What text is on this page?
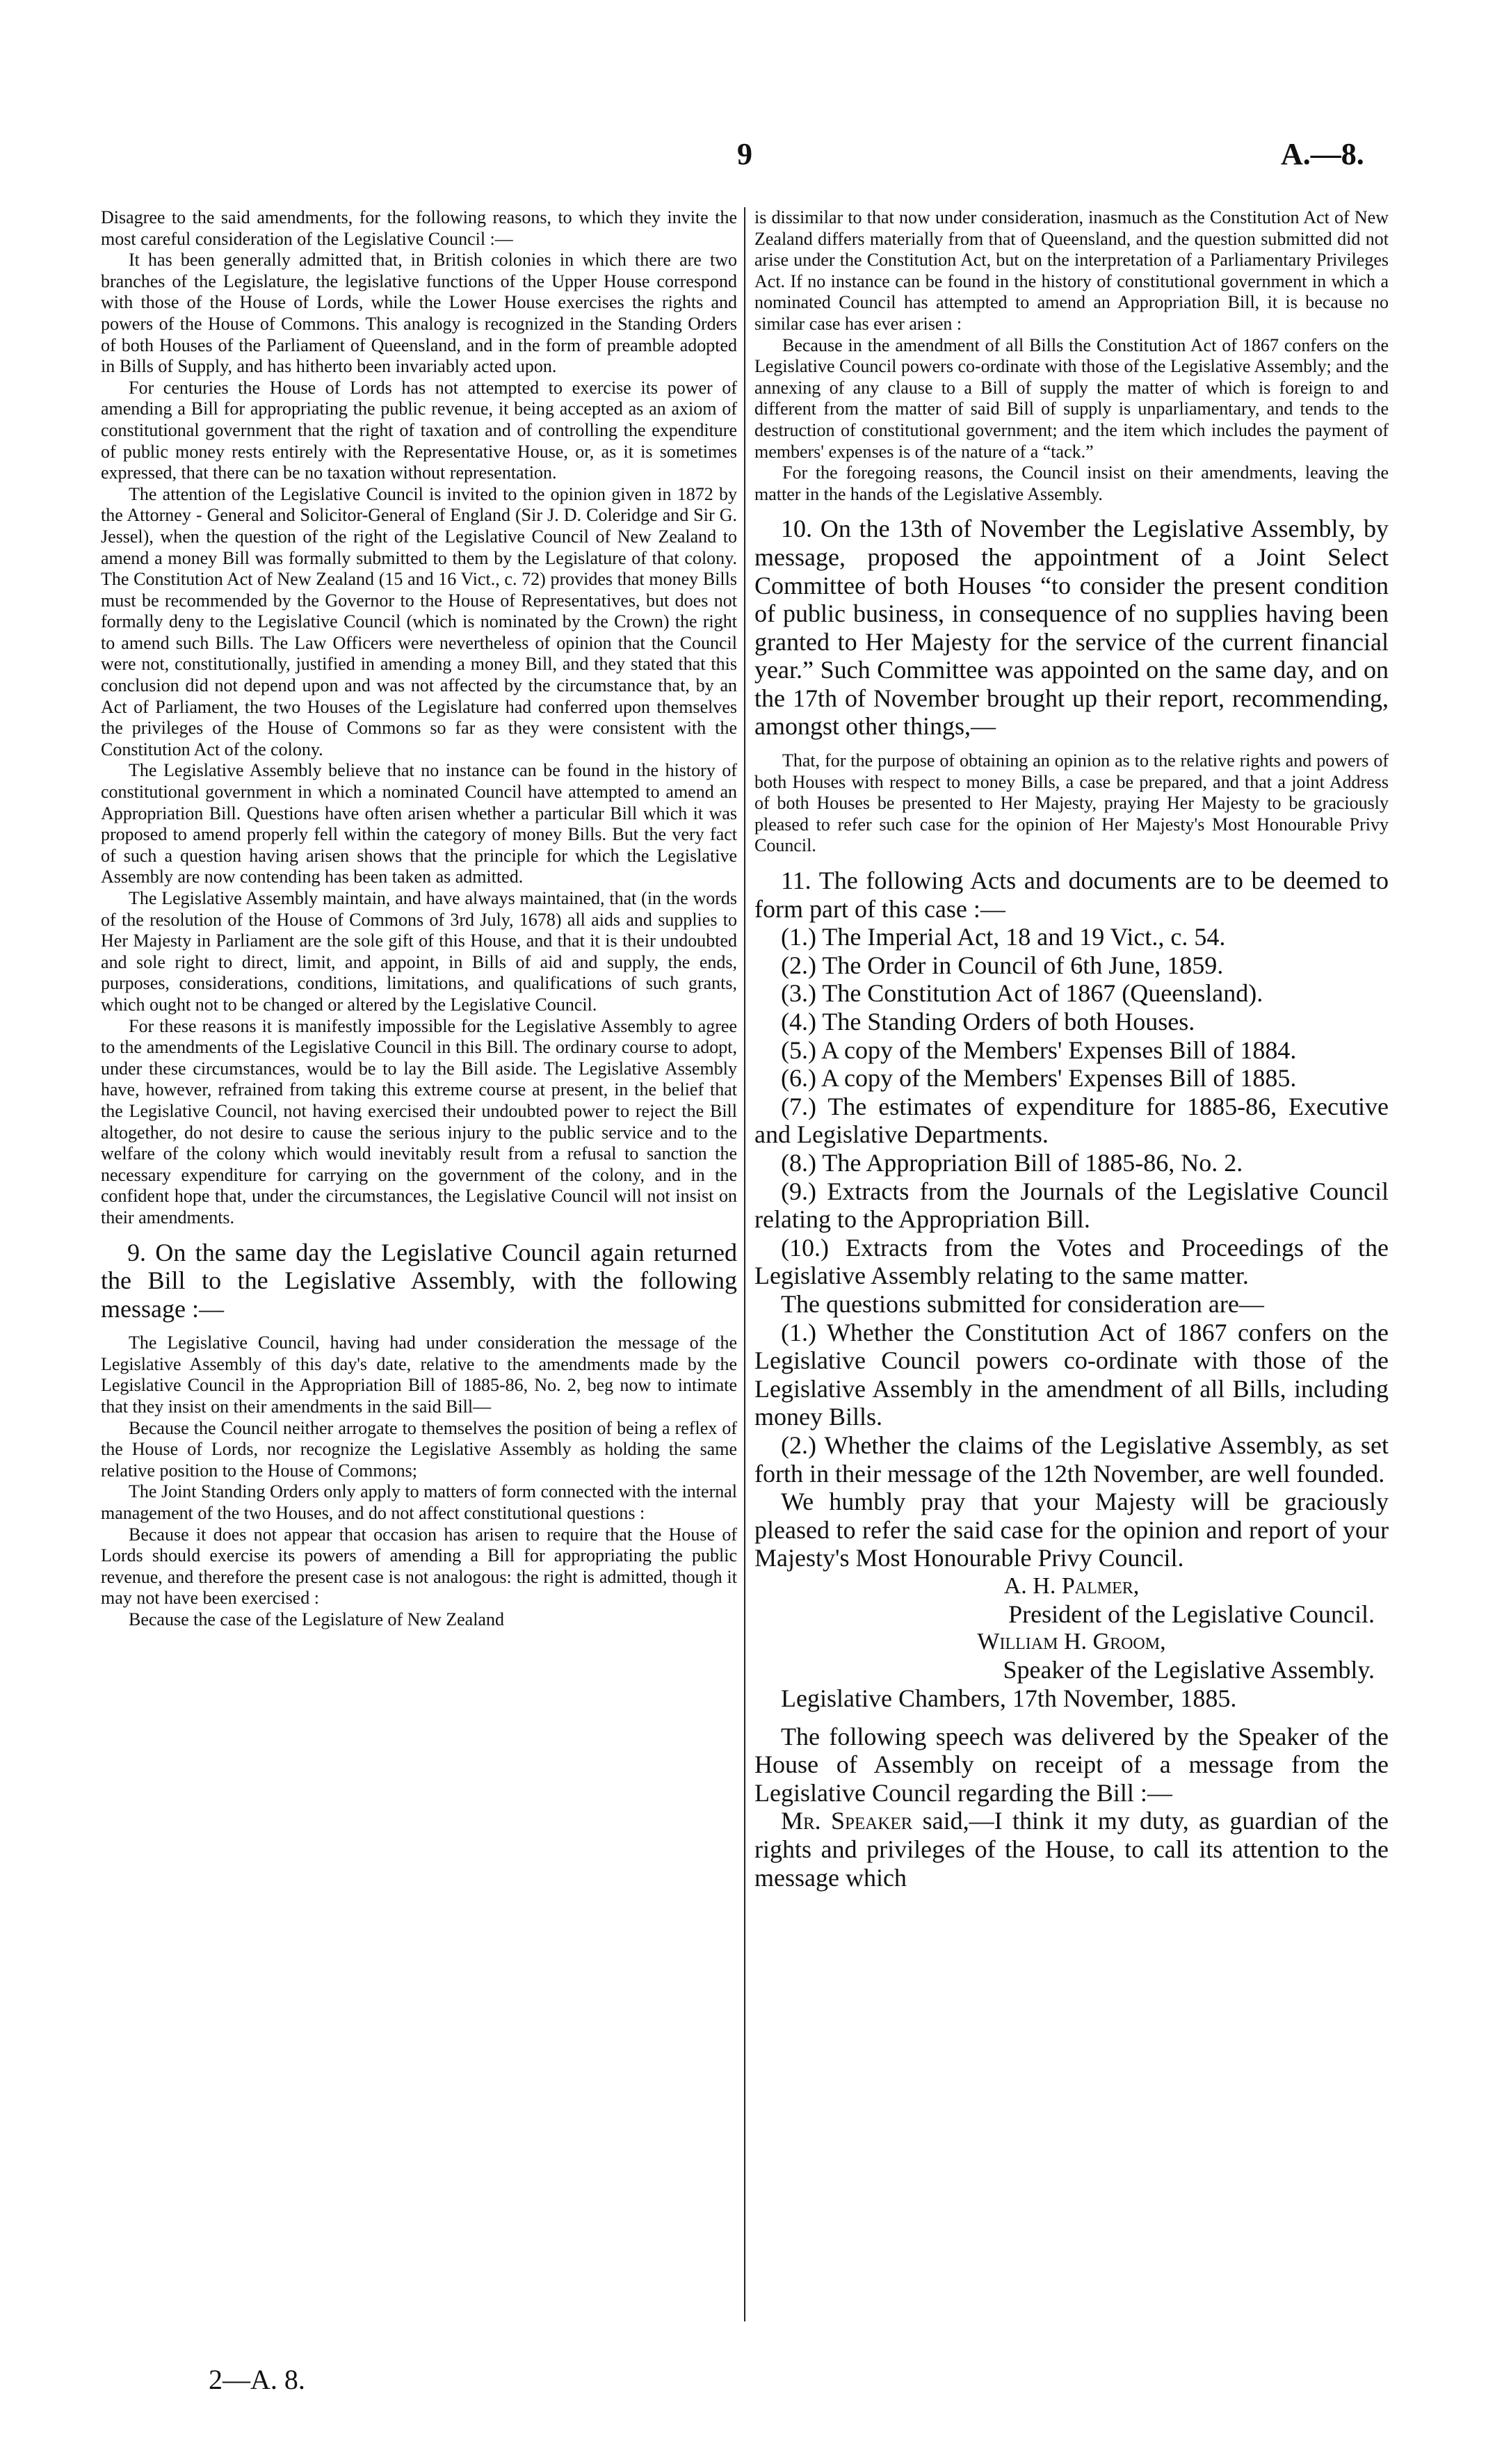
9	A.—8.

Disagree to the said amendments, for the following reasons, to which they invite the most careful consideration of the Legislative Council :—

It has been generally admitted that, in British colonies in which there are two branches of the Legislature, the legislative functions of the Upper House correspond with those of the House of Lords, while the Lower House exercises the rights and powers of the House of Commons. This analogy is recognized in the Standing Orders of both Houses of the Parliament of Queensland, and in the form of preamble adopted in Bills of Supply, and has hitherto been invariably acted upon.

For centuries the House of Lords has not attempted to exercise its power of amending a Bill for appropriating the public revenue, it being accepted as an axiom of constitutional government that the right of taxation and of controlling the expenditure of public money rests entirely with the Representative House, or, as it is sometimes expressed, that there can be no taxation without representation.

The attention of the Legislative Council is invited to the opinion given in 1872 by the Attorney - General and Solicitor-General of England (Sir J. D. Coleridge and Sir G. Jessel), when the question of the right of the Legislative Council of New Zealand to amend a money Bill was formally submitted to them by the Legislature of that colony. The Constitution Act of New Zealand (15 and 16 Vict., c. 72) provides that money Bills must be recommended by the Governor to the House of Representatives, but does not formally deny to the Legislative Council (which is nominated by the Crown) the right to amend such Bills. The Law Officers were nevertheless of opinion that the Council were not, constitutionally, justified in amending a money Bill, and they stated that this conclusion did not depend upon and was not affected by the circumstance that, by an Act of Parliament, the two Houses of the Legislature had conferred upon themselves the privileges of the House of Commons so far as they were consistent with the Constitution Act of the colony.

The Legislative Assembly believe that no instance can be found in the history of constitutional government in which a nominated Council have attempted to amend an Appropriation Bill. Questions have often arisen whether a particular Bill which it was proposed to amend properly fell within the category of money Bills. But the very fact of such a question having arisen shows that the principle for which the Legislative Assembly are now contending has been taken as admitted.

The Legislative Assembly maintain, and have always maintained, that (in the words of the resolution of the House of Commons of 3rd July, 1678) all aids and supplies to Her Majesty in Parliament are the sole gift of this House, and that it is their undoubted and sole right to direct, limit, and appoint, in Bills of aid and supply, the ends, purposes, considerations, conditions, limitations, and qualifications of such grants, which ought not to be changed or altered by the Legislative Council.

For these reasons it is manifestly impossible for the Legislative Assembly to agree to the amendments of the Legislative Council in this Bill. The ordinary course to adopt, under these circumstances, would be to lay the Bill aside. The Legislative Assembly have, however, refrained from taking this extreme course at present, in the belief that the Legislative Council, not having exercised their undoubted power to reject the Bill altogether, do not desire to cause the serious injury to the public service and to the welfare of the colony which would inevitably result from a refusal to sanction the necessary expenditure for carrying on the government of the colony, and in the confident hope that, under the circumstances, the Legislative Council will not insist on their amendments.

9. On the same day the Legislative Council again returned the Bill to the Legislative Assembly, with the following message :—

The Legislative Council, having had under consideration the message of the Legislative Assembly of this day's date, relative to the amendments made by the Legislative Council in the Appropriation Bill of 1885-86, No. 2, beg now to intimate that they insist on their amendments in the said Bill—

Because the Council neither arrogate to themselves the position of being a reflex of the House of Lords, nor recognize the Legislative Assembly as holding the same relative position to the House of Commons;

The Joint Standing Orders only apply to matters of form connected with the internal management of the two Houses, and do not affect constitutional questions :

Because it does not appear that occasion has arisen to require that the House of Lords should exercise its powers of amending a Bill for appropriating the public revenue, and therefore the present case is not analogous: the right is admitted, though it may not have been exercised :

Because the case of the Legislature of New Zealand

is dissimilar to that now under consideration, inasmuch as the Constitution Act of New Zealand differs materially from that of Queensland, and the question submitted did not arise under the Constitution Act, but on the interpretation of a Parliamentary Privileges Act. If no instance can be found in the history of constitutional government in which a nominated Council has attempted to amend an Appropriation Bill, it is because no similar case has ever arisen :

Because in the amendment of all Bills the Constitution Act of 1867 confers on the Legislative Council powers co-ordinate with those of the Legislative Assembly; and the annexing of any clause to a Bill of supply the matter of which is foreign to and different from the matter of said Bill of supply is unparliamentary, and tends to the destruction of constitutional government; and the item which includes the payment of members' expenses is of the nature of a “tack.”

For the foregoing reasons, the Council insist on their amendments, leaving the matter in the hands of the Legislative Assembly.

10. On the 13th of November the Legislative Assembly, by message, proposed the appointment of a Joint Select Committee of both Houses “to consider the present condition of public business, in consequence of no supplies having been granted to Her Majesty for the service of the current financial year.” Such Committee was appointed on the same day, and on the 17th of November brought up their report, recommending, amongst other things,—

That, for the purpose of obtaining an opinion as to the relative rights and powers of both Houses with respect to money Bills, a case be prepared, and that a joint Address of both Houses be presented to Her Majesty, praying Her Majesty to be graciously pleased to refer such case for the opinion of Her Majesty's Most Honourable Privy Council.

11. The following Acts and documents are to be deemed to form part of this case :—

(1.) The Imperial Act, 18 and 19 Vict., c. 54.

(2.) The Order in Council of 6th June, 1859.

(3.) The Constitution Act of 1867 (Queensland).

(4.) The Standing Orders of both Houses.

(5.) A copy of the Members' Expenses Bill of 1884.

(6.) A copy of the Members' Expenses Bill of 1885.

(7.) The estimates of expenditure for 1885-86, Executive and Legislative Departments.

(8.) The Appropriation Bill of 1885-86, No. 2.

(9.) Extracts from the Journals of the Legislative Council relating to the Appropriation Bill.

(10.) Extracts from the Votes and Proceedings of the Legislative Assembly relating to the same matter.

The questions submitted for consideration are—

(1.) Whether the Constitution Act of 1867 confers on the Legislative Council powers co-ordinate with those of the Legislative Assembly in the amendment of all Bills, including money Bills.

(2.) Whether the claims of the Legislative Assembly, as set forth in their message of the 12th November, are well founded.

We humbly pray that your Majesty will be graciously pleased to refer the said case for the opinion and report of your Majesty's Most Honourable Privy Council.

A. H. Palmer,

President of the Legislative Council.

William H. Groom,

Speaker of the Legislative Assembly.

Legislative Chambers, 17th November, 1885.

The following speech was delivered by the Speaker of the House of Assembly on receipt of a message from the Legislative Council regarding the Bill :—

Mr. Speaker said,—I think it my duty, as guardian of the rights and privileges of the House, to call its attention to the message which

2—A. 8.
